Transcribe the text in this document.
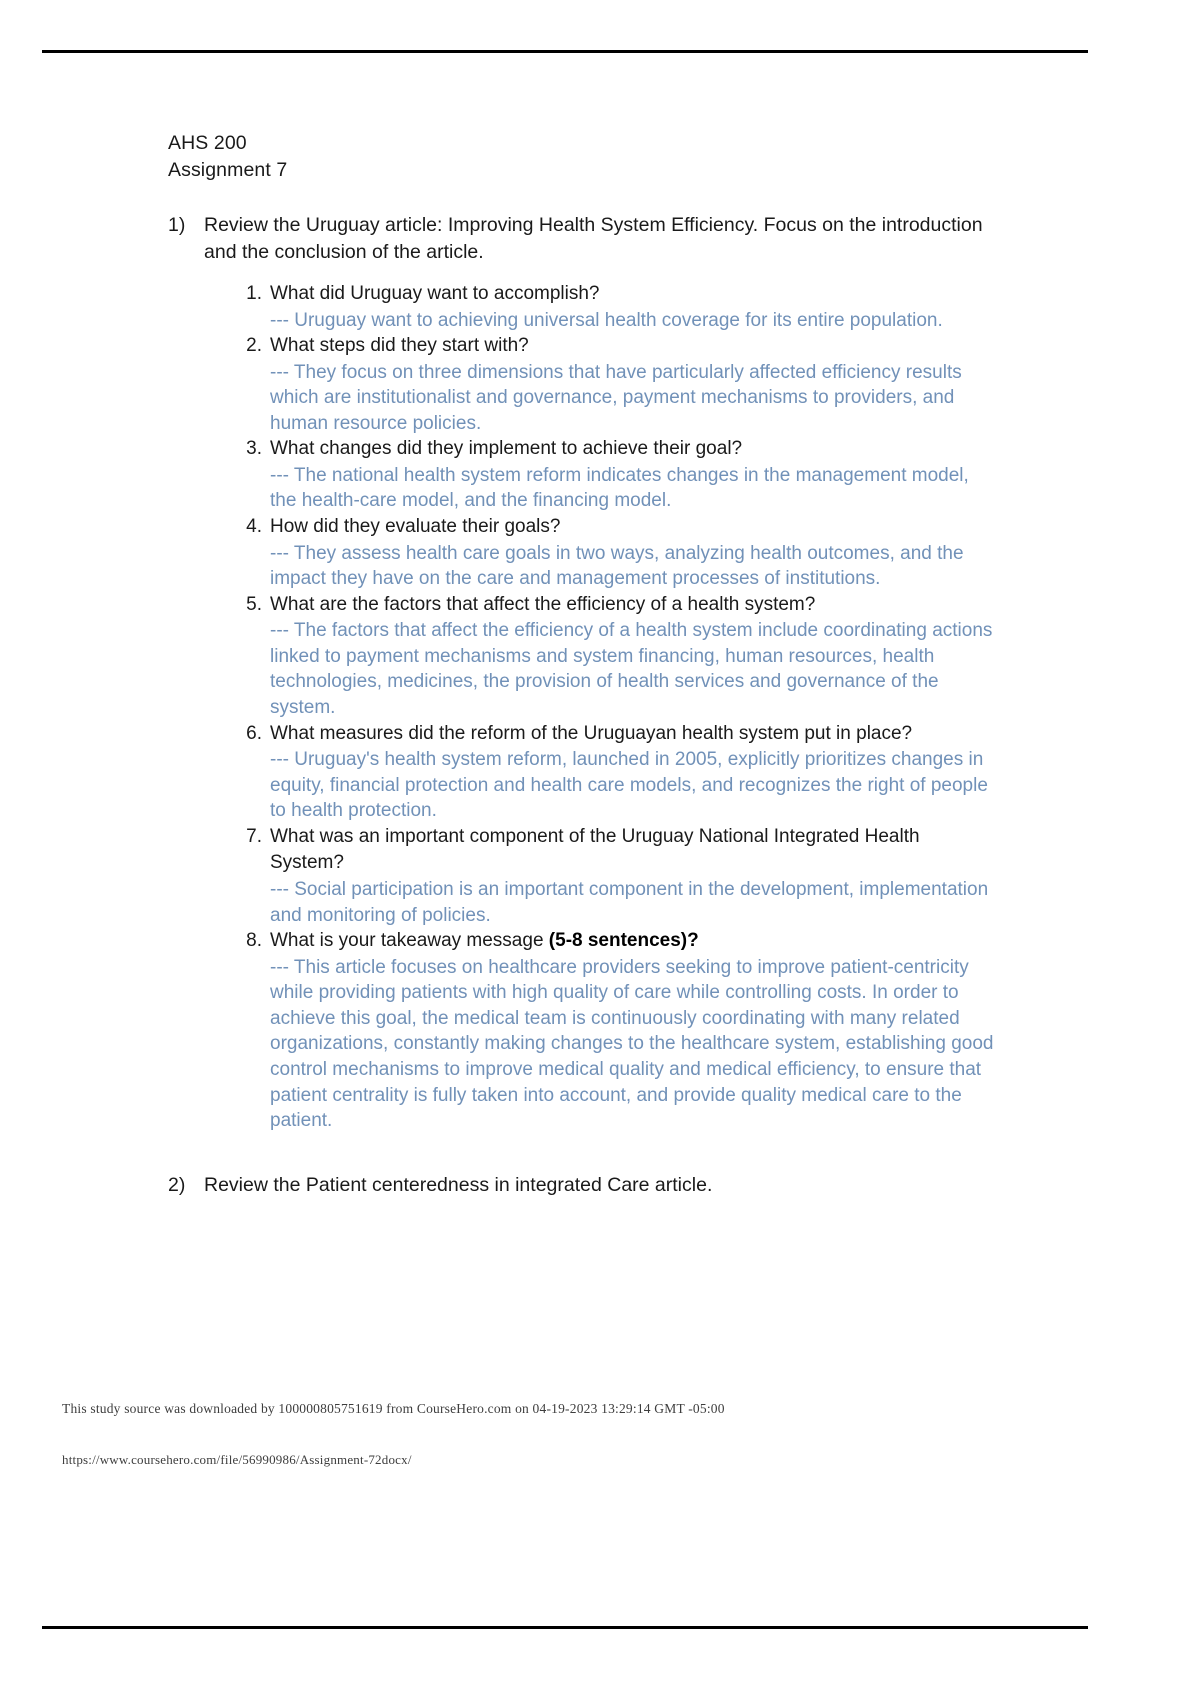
AHS 200
Assignment 7
1) Review the Uruguay article: Improving Health System Efficiency. Focus on the introduction and the conclusion of the article.
1. What did Uruguay want to accomplish?
--- Uruguay want to achieving universal health coverage for its entire population.
2. What steps did they start with?
--- They focus on three dimensions that have particularly affected efficiency results which are institutionalist and governance, payment mechanisms to providers, and human resource policies.
3. What changes did they implement to achieve their goal?
--- The national health system reform indicates changes in the management model, the health-care model, and the financing model.
4. How did they evaluate their goals?
--- They assess health care goals in two ways, analyzing health outcomes, and the impact they have on the care and management processes of institutions.
5. What are the factors that affect the efficiency of a health system?
--- The factors that affect the efficiency of a health system include coordinating actions linked to payment mechanisms and system financing, human resources, health technologies, medicines, the provision of health services and governance of the system.
6. What measures did the reform of the Uruguayan health system put in place?
--- Uruguay's health system reform, launched in 2005, explicitly prioritizes changes in equity, financial protection and health care models, and recognizes the right of people to health protection.
7. What was an important component of the Uruguay National Integrated Health System?
--- Social participation is an important component in the development, implementation and monitoring of policies.
8. What is your takeaway message (5-8 sentences)?
--- This article focuses on healthcare providers seeking to improve patient-centricity while providing patients with high quality of care while controlling costs. In order to achieve this goal, the medical team is continuously coordinating with many related organizations, constantly making changes to the healthcare system, establishing good control mechanisms to improve medical quality and medical efficiency, to ensure that patient centrality is fully taken into account, and provide quality medical care to the patient.
2) Review the Patient centeredness in integrated Care article.
This study source was downloaded by 100000805751619 from CourseHero.com on 04-19-2023 13:29:14 GMT -05:00
https://www.coursehero.com/file/56990986/Assignment-72docx/
